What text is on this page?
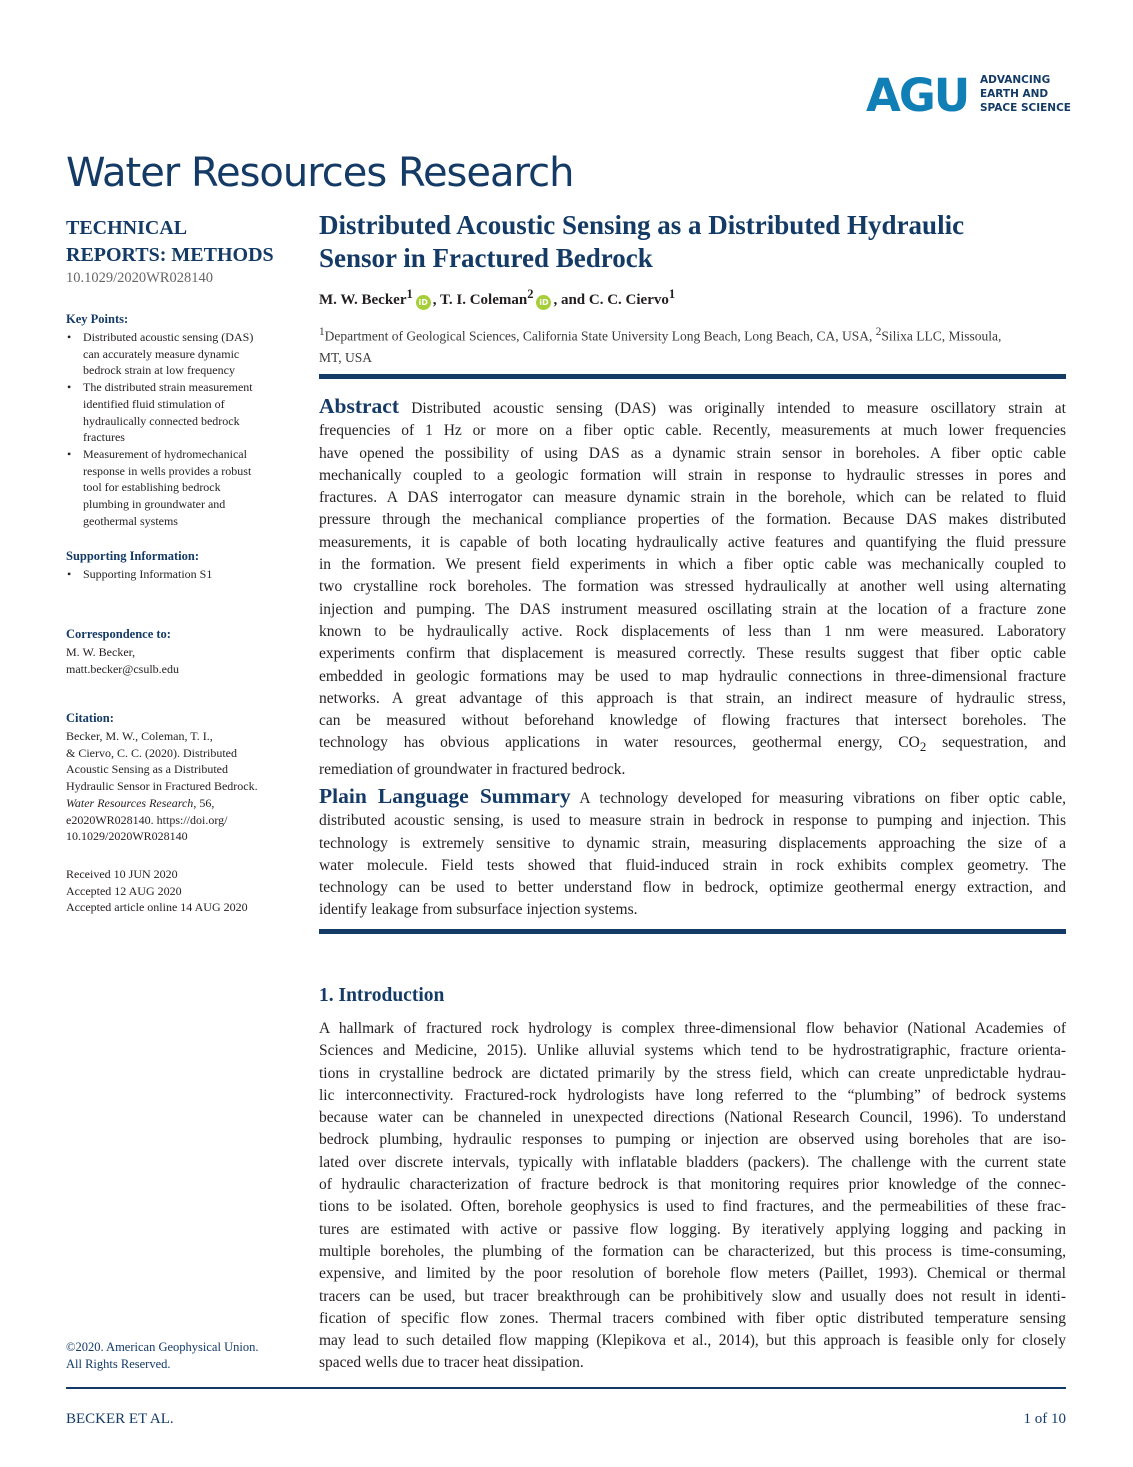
AGU ADVANCING
EARTH AND
SPACE SCIENCE
Water Resources Research
TECHNICAL
REPORTS: METHODS
10.1029/2020WR028140
Key Points:
• Distributed acoustic sensing (DAS)
can accurately measure dynamic
bedrock strain at low frequency
• The distributed strain measurement
identified fluid stimulation of
hydraulically connected bedrock
fractures
• Measurement of hydromechanical
response in wells provides a robust
tool for establishing bedrock
plumbing in groundwater and
geothermal systems
Supporting Information:
• Supporting Information S1
Correspondence to:
M. W. Becker,
matt.becker@csulb.edu
Citation:
Becker, M. W., Coleman, T. I.,
& Ciervo, C. C. (2020). Distributed
Acoustic Sensing as a Distributed
Hydraulic Sensor in Fractured Bedrock.
Water Resources Research, 56,
e2020WR028140. https://doi.org/
10.1029/2020WR028140
Received 10 JUN 2020
Accepted 12 AUG 2020
Accepted article online 14 AUG 2020
©2020. American Geophysical Union.
All Rights Reserved.
Distributed Acoustic Sensing as a Distributed Hydraulic
Sensor in Fractured Bedrock
M. W. Becker$^1$iD , T. I. Coleman$^2$iD , and C. C. Ciervo$^1$
$^1$Department of Geological Sciences, California State University Long Beach, Long Beach, CA, USA, $^2$Silixa LLC, Missoula,
MT, USA
Abstract Distributed acoustic sensing (DAS) was originally intended to measure oscillatory strain at
frequencies of 1 Hz or more on a fiber optic cable. Recently, measurements at much lower frequencies
have opened the possibility of using DAS as a dynamic strain sensor in boreholes. A fiber optic cable
mechanically coupled to a geologic formation will strain in response to hydraulic stresses in pores and
fractures. A DAS interrogator can measure dynamic strain in the borehole, which can be related to fluid
pressure through the mechanical compliance properties of the formation. Because DAS makes distributed
measurements, it is capable of both locating hydraulically active features and quantifying the fluid pressure
in the formation. We present field experiments in which a fiber optic cable was mechanically coupled to
two crystalline rock boreholes. The formation was stressed hydraulically at another well using alternating
injection and pumping. The DAS instrument measured oscillating strain at the location of a fracture zone
known to be hydraulically active. Rock displacements of less than 1 nm were measured. Laboratory
experiments confirm that displacement is measured correctly. These results suggest that fiber optic cable
embedded in geologic formations may be used to map hydraulic connections in three-dimensional fracture
networks. A great advantage of this approach is that strain, an indirect measure of hydraulic stress,
can be measured without beforehand knowledge of flowing fractures that intersect boreholes. The
technology has obvious applications in water resources, geothermal energy, $CO_2$ sequestration, and
remediation of groundwater in fractured bedrock.
Plain Language Summary A technology developed for measuring vibrations on fiber optic cable,
distributed acoustic sensing, is used to measure strain in bedrock in response to pumping and injection. This
technology is extremely sensitive to dynamic strain, measuring displacements approaching the size of a
water molecule. Field tests showed that fluid-induced strain in rock exhibits complex geometry. The
technology can be used to better understand flow in bedrock, optimize geothermal energy extraction, and
identify leakage from subsurface injection systems.
1. Introduction
A hallmark of fractured rock hydrology is complex three-dimensional flow behavior (National Academies of
Sciences and Medicine, 2015). Unlike alluvial systems which tend to be hydrostratigraphic, fracture orienta-
tions in crystalline bedrock are dictated primarily by the stress field, which can create unpredictable hydrau-
lic interconnectivity. Fractured-rock hydrologists have long referred to the “plumbing” of bedrock systems
because water can be channeled in unexpected directions (National Research Council, 1996). To understand
bedrock plumbing, hydraulic responses to pumping or injection are observed using boreholes that are iso-
lated over discrete intervals, typically with inflatable bladders (packers). The challenge with the current state
of hydraulic characterization of fracture bedrock is that monitoring requires prior knowledge of the connec-
tions to be isolated. Often, borehole geophysics is used to find fractures, and the permeabilities of these frac-
tures are estimated with active or passive flow logging. By iteratively applying logging and packing in
multiple boreholes, the plumbing of the formation can be characterized, but this process is time-consuming,
expensive, and limited by the poor resolution of borehole flow meters (Paillet, 1993). Chemical or thermal
tracers can be used, but tracer breakthrough can be prohibitively slow and usually does not result in identi-
fication of specific flow zones. Thermal tracers combined with fiber optic distributed temperature sensing
may lead to such detailed flow mapping (Klepikova et al., 2014), but this approach is feasible only for closely
spaced wells due to tracer heat dissipation.
BECKER ET AL.	1 of 10
